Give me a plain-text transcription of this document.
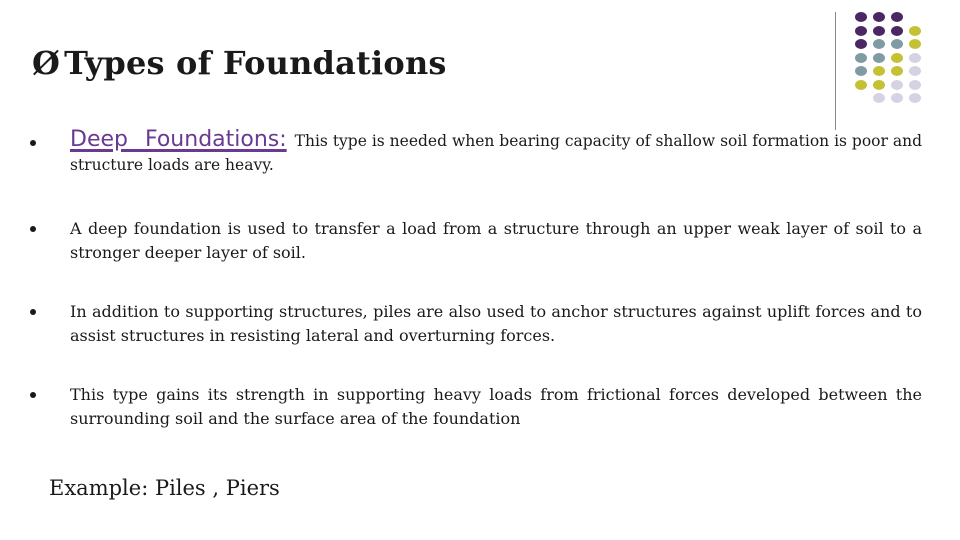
Ø Types of Foundations
Deep Foundations: This type is needed when bearing capacity of shallow soil formation is poor and structure loads are heavy.
A deep foundation is used to transfer a load from a structure through an upper weak layer of soil to a stronger deeper layer of soil.
In addition to supporting structures, piles are also used to anchor structures against uplift forces and to assist structures in resisting lateral and overturning forces.
This type gains its strength in supporting heavy loads from frictional forces developed between the surrounding soil and the surface area of the foundation
Example: Piles , Piers
